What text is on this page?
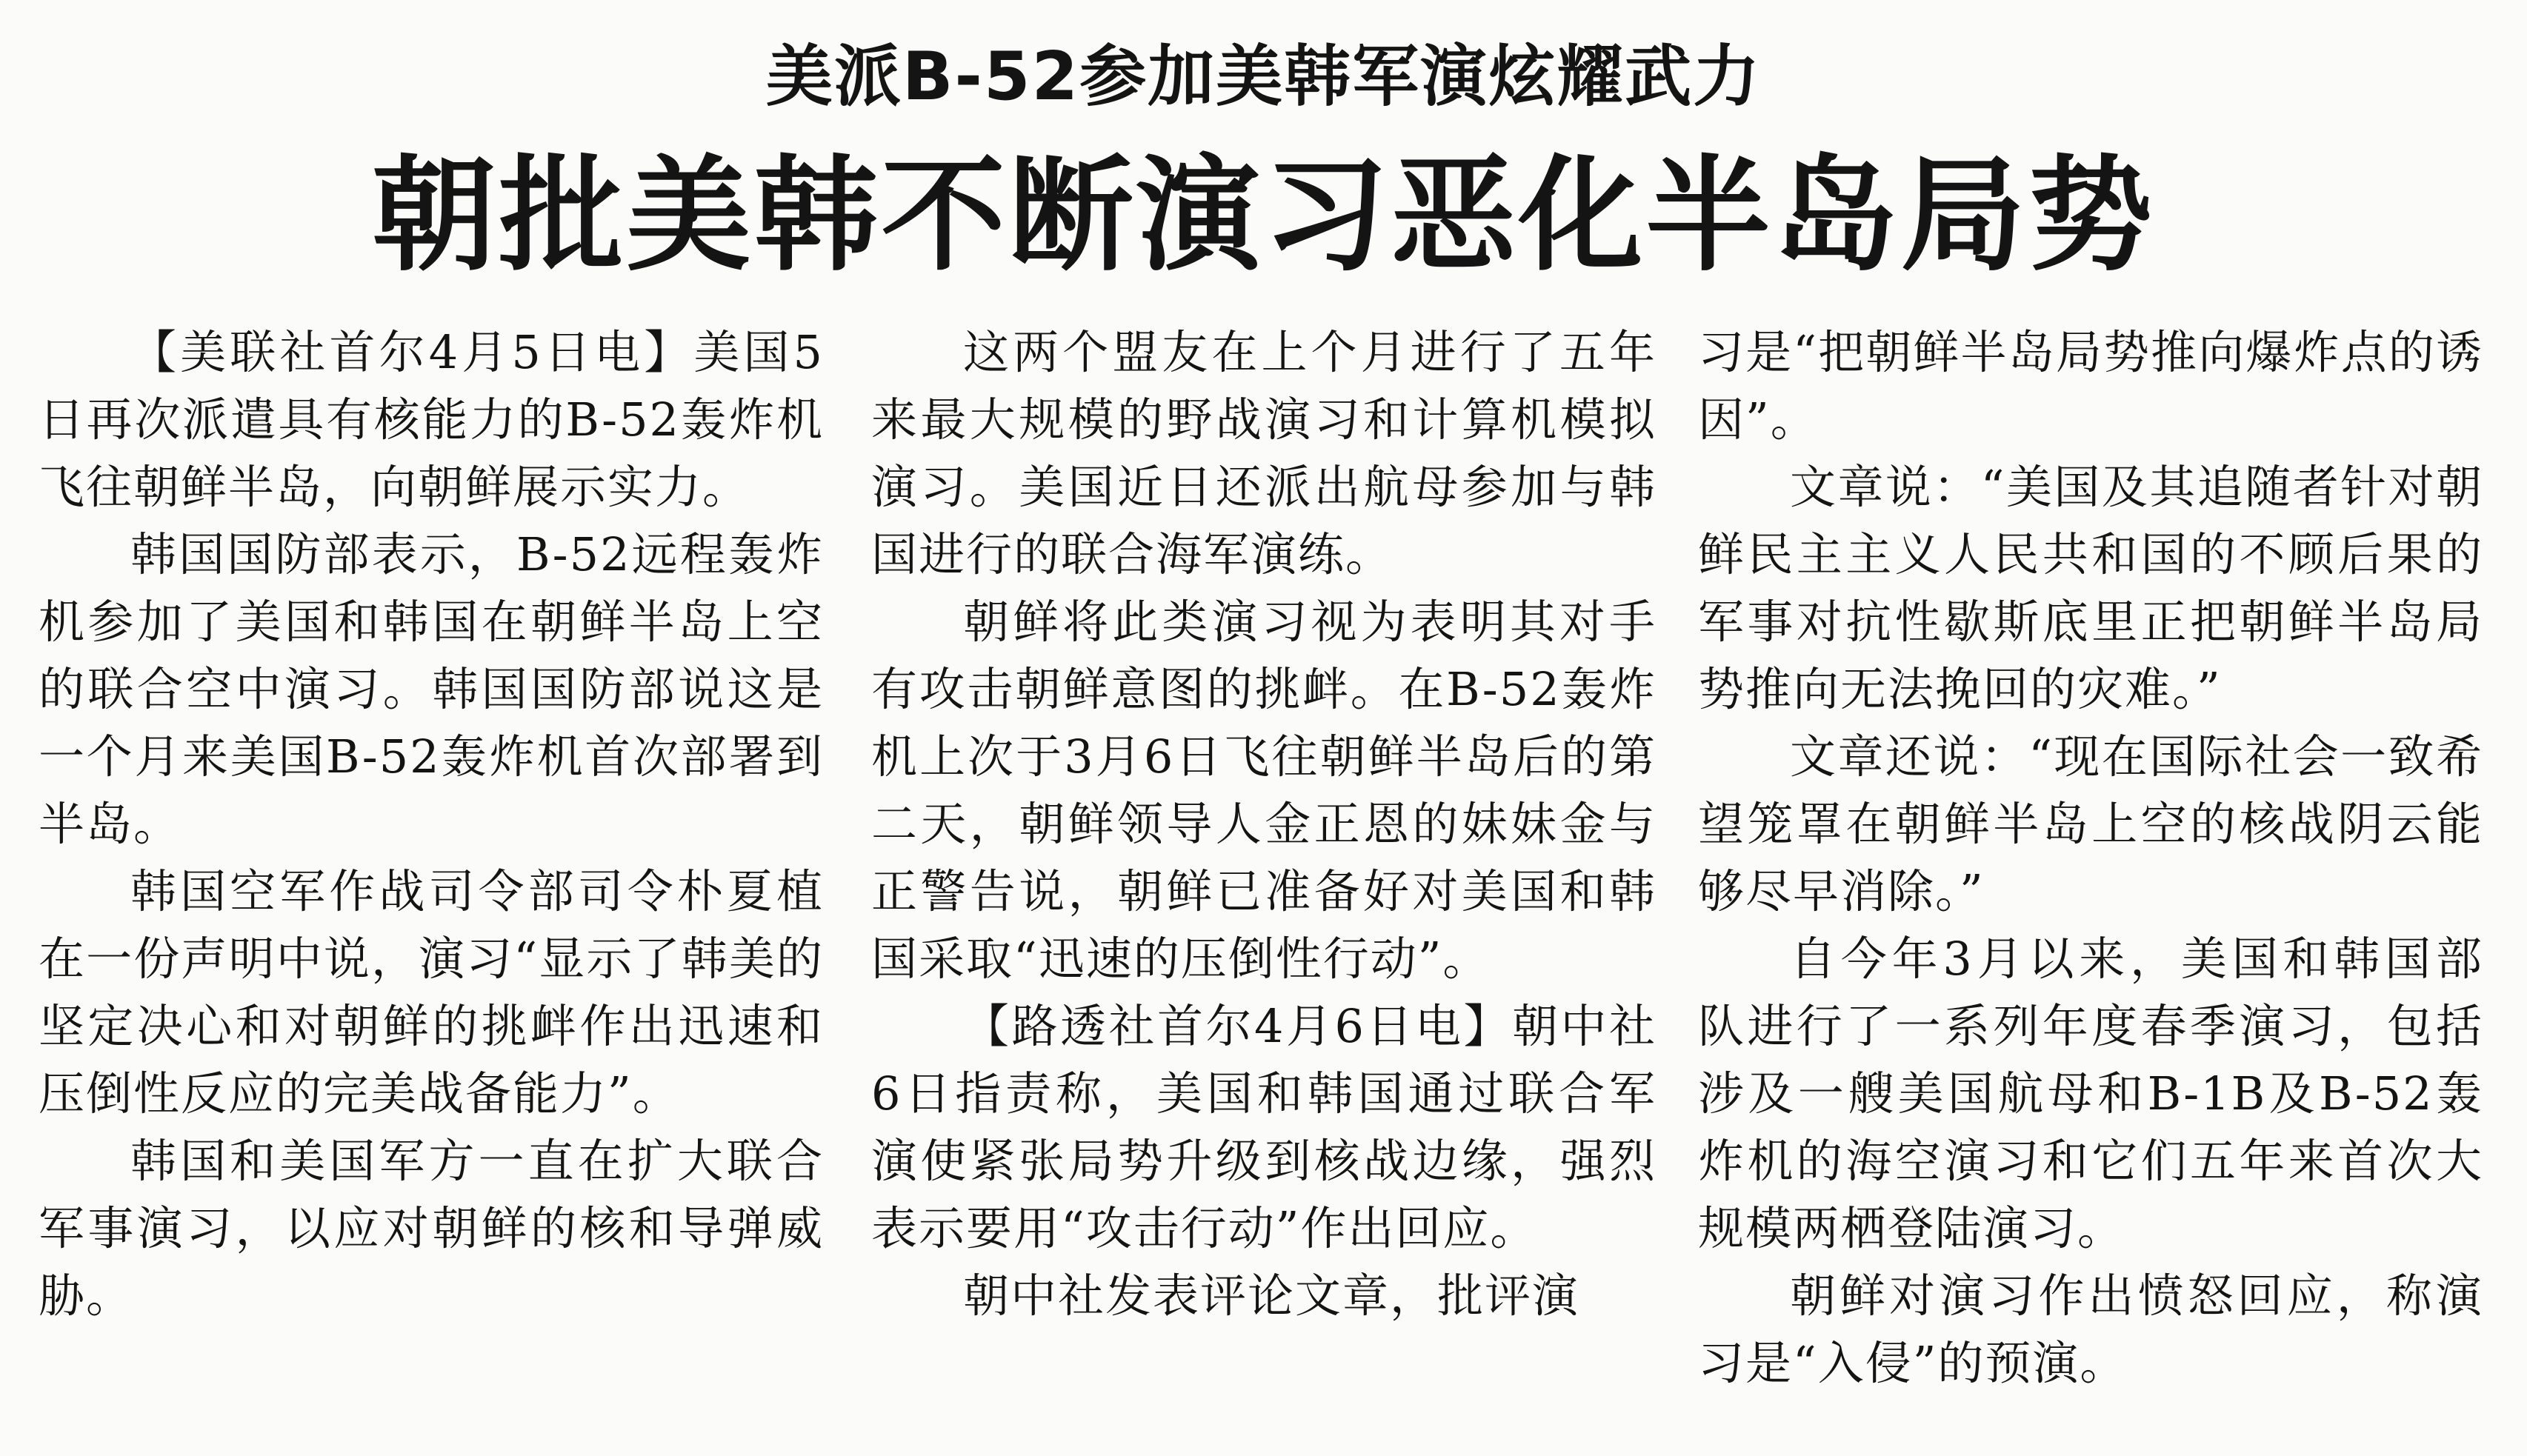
美派B-52参加美韩军演炫耀武力
朝批美韩不断演习恶化半岛局势

【美联社首尔4月5日电】美国5日再次派遣具有核能力的B-52轰炸机飞往朝鲜半岛，向朝鲜展示实力。

韩国国防部表示，B-52远程轰炸机参加了美国和韩国在朝鲜半岛上空的联合空中演习。韩国国防部说这是一个月来美国B-52轰炸机首次部署到半岛。

韩国空军作战司令部司令朴夏植在一份声明中说，演习“显示了韩美的坚定决心和对朝鲜的挑衅作出迅速和压倒性反应的完美战备能力”。

韩国和美国军方一直在扩大联合军事演习，以应对朝鲜的核和导弹威胁。

这两个盟友在上个月进行了五年来最大规模的野战演习和计算机模拟演习。美国近日还派出航母参加与韩国进行的联合海军演练。

朝鲜将此类演习视为表明其对手有攻击朝鲜意图的挑衅。在B-52轰炸机上次于3月6日飞往朝鲜半岛后的第二天，朝鲜领导人金正恩的妹妹金与正警告说，朝鲜已准备好对美国和韩国采取“迅速的压倒性行动”。

【路透社首尔4月6日电】朝中社6日指责称，美国和韩国通过联合军演使紧张局势升级到核战边缘，强烈表示要用“攻击行动”作出回应。

朝中社发表评论文章，批评演

习是“把朝鲜半岛局势推向爆炸点的诱因”。

文章说：“美国及其追随者针对朝鲜民主主义人民共和国的不顾后果的军事对抗性歇斯底里正把朝鲜半岛局势推向无法挽回的灾难。”

文章还说：“现在国际社会一致希望笼罩在朝鲜半岛上空的核战阴云能够尽早消除。”

自今年3月以来，美国和韩国部队进行了一系列年度春季演习，包括涉及一艘美国航母和B-1B及B-52轰炸机的海空演习和它们五年来首次大规模两栖登陆演习。

朝鲜对演习作出愤怒回应，称演习是“入侵”的预演。
